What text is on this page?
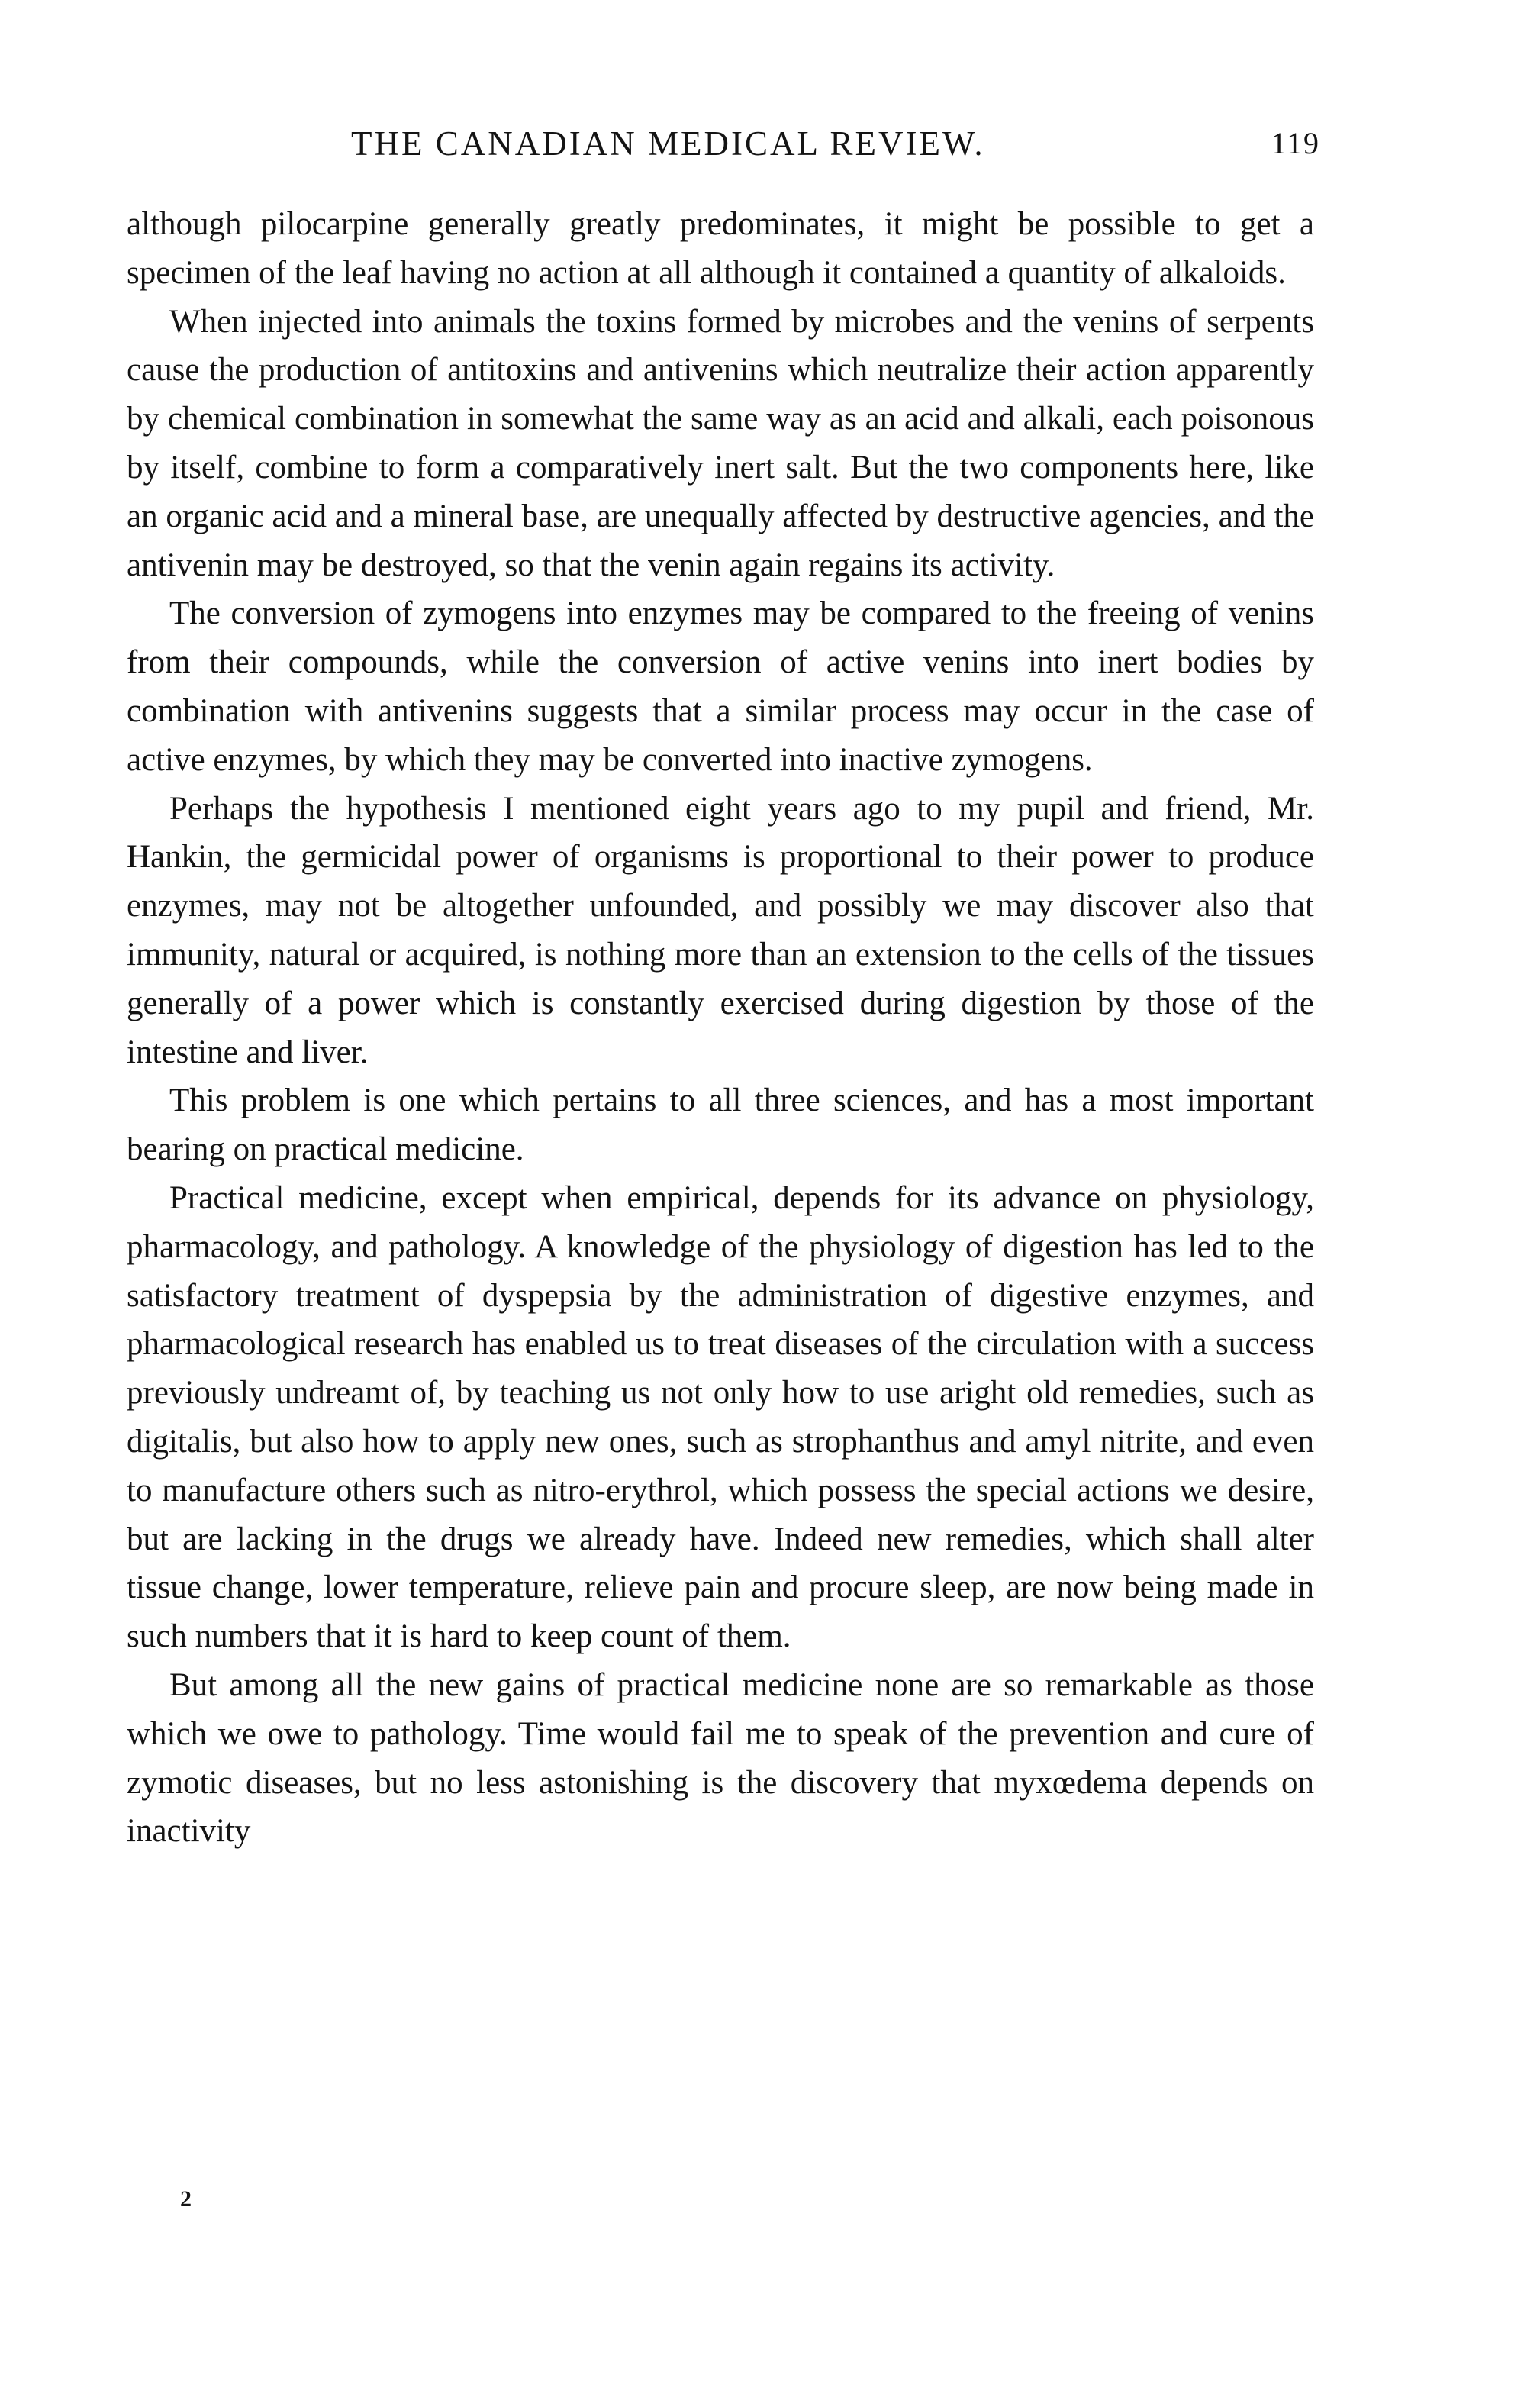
THE CANADIAN MEDICAL REVIEW.	119

although pilocarpine generally greatly predominates, it might be possible to get a specimen of the leaf having no action at all although it contained a quantity of alkaloids.

When injected into animals the toxins formed by microbes and the venins of serpents cause the production of antitoxins and antivenins which neutralize their action apparently by chemical combination in somewhat the same way as an acid and alkali, each poisonous by itself, combine to form a comparatively inert salt. But the two components here, like an organic acid and a mineral base, are unequally affected by destructive agencies, and the antivenin may be destroyed, so that the venin again regains its activity.

The conversion of zymogens into enzymes may be compared to the freeing of venins from their compounds, while the conversion of active venins into inert bodies by combination with antivenins suggests that a similar process may occur in the case of active enzymes, by which they may be converted into inactive zymogens.

Perhaps the hypothesis I mentioned eight years ago to my pupil and friend, Mr. Hankin, the germicidal power of organisms is proportional to their power to produce enzymes, may not be altogether unfounded, and possibly we may discover also that immunity, natural or acquired, is nothing more than an extension to the cells of the tissues generally of a power which is constantly exercised during digestion by those of the intestine and liver.

This problem is one which pertains to all three sciences, and has a most important bearing on practical medicine.

Practical medicine, except when empirical, depends for its advance on physiology, pharmacology, and pathology. A knowledge of the physiology of digestion has led to the satisfactory treatment of dyspepsia by the administration of digestive enzymes, and pharmacological research has enabled us to treat diseases of the circulation with a success previously undreamt of, by teaching us not only how to use aright old remedies, such as digitalis, but also how to apply new ones, such as strophanthus and amyl nitrite, and even to manufacture others such as nitro-erythrol, which possess the special actions we desire, but are lacking in the drugs we already have. Indeed new remedies, which shall alter tissue change, lower temperature, relieve pain and procure sleep, are now being made in such numbers that it is hard to keep count of them.

But among all the new gains of practical medicine none are so remarkable as those which we owe to pathology. Time would fail me to speak of the prevention and cure of zymotic diseases, but no less astonishing is the discovery that myxœdema depends on inactivity

2
